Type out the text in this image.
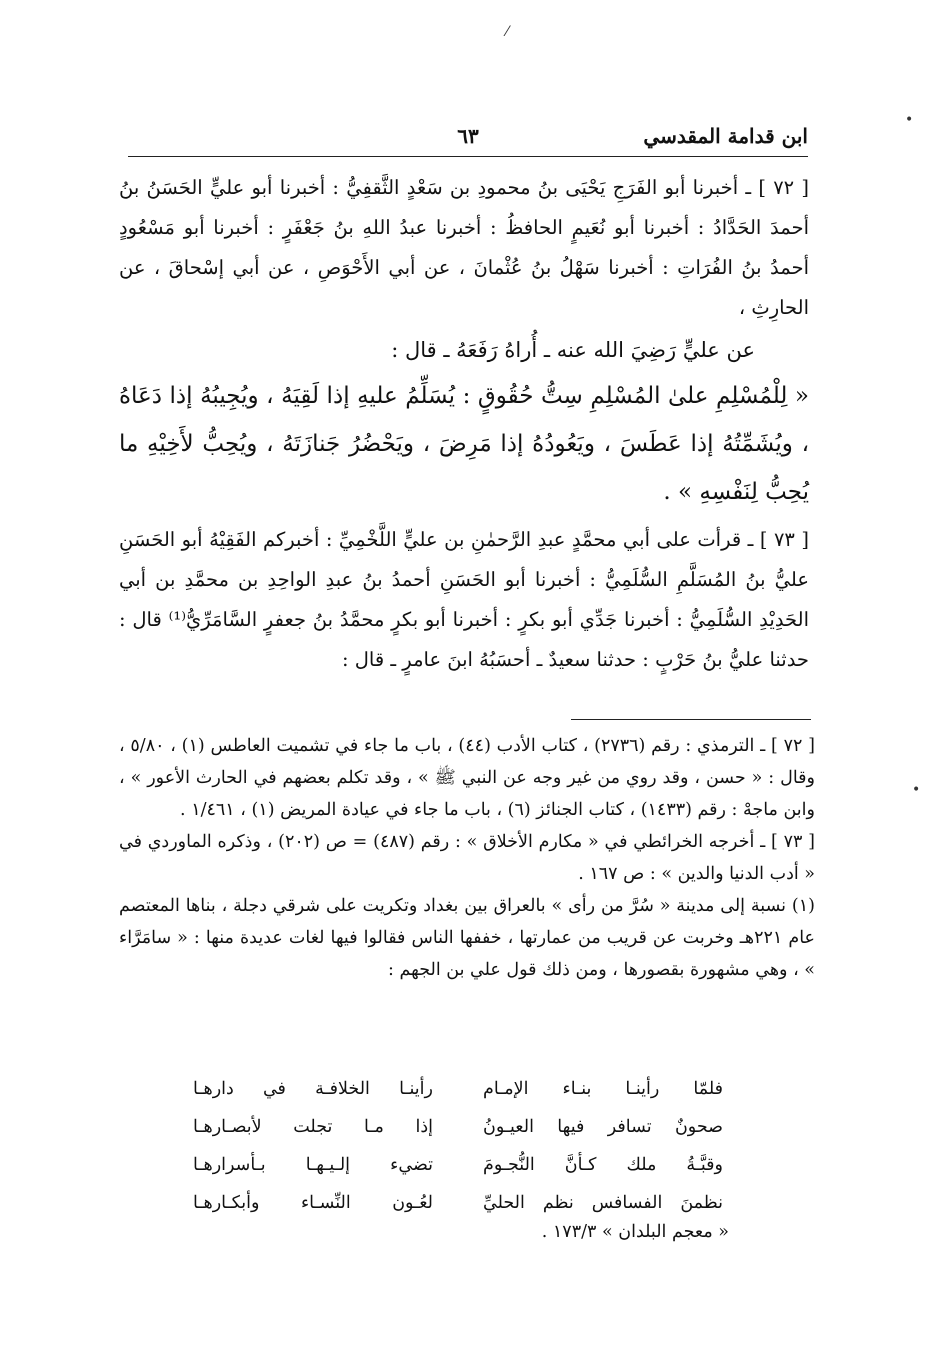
⁄
•
•
ابن قدامة المقدسي
٦٣

[ ٧٢ ] ـ أخبرنا أبو الفَرَجِ يَحْيَى بنُ محمودِ بن سَعْدٍ الثَّقفِيُّ : أخبرنا أبو عليٍّ الحَسَنُ بنُ أحمدَ الحَدَّادُ : أخبرنا أبو نُعَيمٍ الحافظُ : أخبرنا عبدُ اللهِ بنُ جَعْفَرٍ : أخبرنا أبو مَسْعُودٍ أحمدُ بنُ الفُرَاتِ : أخبرنا سَهْلُ بنُ عُثْمانَ ، عن أبي الأَحْوَصِ ، عن أبي إسْحاقَ ، عن الحارِثِ ،

عن عليٍّ رَضِيَ الله عنه ـ أُراهُ رَفَعَهُ ـ قال :

« لِلْمُسْلِمِ علىٰ المُسْلِمِ سِتُّ حُقُوقٍ : يُسَلِّمُ عليهِ إذا لَقِيَهُ ، ويُجِيبُهُ إذا دَعَاهُ ، ويُشَمِّتُهُ إذا عَطَسَ ، ويَعُودُهُ إذا مَرِضَ ، ويَحْضُرُ جَنازَتَهُ ، ويُحِبُّ لأَخِيْهِ ما يُحِبُّ لِنَفْسِهِ » .

[ ٧٣ ] ـ قرأت على أبي محمَّدٍ عبدِ الرَّحمٰنِ بن عليٍّ اللَّخْمِيِّ : أخبركم الفَقِيْهُ أبو الحَسَنِ عليُّ بنُ المُسَلَّمِ السُّلَمِيُّ : أخبرنا أبو الحَسَنِ أحمدُ بنُ عبدِ الواحِدِ بن محمَّدِ بن أبي الحَدِيْدِ السُّلَمِيُّ : أخبرنا جَدِّي أبو بكرٍ : أخبرنا أبو بكرٍ محمَّدُ بنُ جعفرٍ السَّامَرِّيُّ⁽¹⁾ قال : حدثنا عليُّ بنُ حَرْبٍ : حدثنا سعيدٌ ـ أحسَبُهُ ابنَ عامرٍ ـ قال :

[ ٧٢ ] ـ الترمذي : رقم (٢٧٣٦) ، كتاب الأدب (٤٤) ، باب ما جاء في تشميت العاطس (١) ، ٥/٨٠ ، وقال : « حسن ، وقد روي من غير وجه عن النبي ﷺ » ، وقد تكلم بعضهم في الحارث الأعور » ، وابن ماجهْ : رقم (١٤٣٣) ، كتاب الجنائز (٦) ، باب ما جاء في عيادة المريض (١) ، ١/٤٦١ .

[ ٧٣ ] ـ أخرجه الخرائطي في « مكارم الأخلاق » : رقم (٤٨٧) = ص (٢٠٢) ، وذكره الماوردي في « أدب الدنيا والدين » : ص ١٦٧ .

(١) نسبة إلى مدينة « سُرَّ من رأى » بالعراق بين بغداد وتكريت على شرقي دجلة ، بناها المعتصم عام ٢٢١هـ وخربت عن قريب من عمارتها ، خففها الناس فقالوا فيها لغات عديدة منها : « سامَرَّاء » ، وهي مشهورة بقصورها ، ومن ذلك قول علي بن الجهم :

فلمّا رأينـا بنـاء الإمـام
رأينـا الخلافـة في دارهـا
صحونٌ تسافر فيها العيـونُ
إذا مـا تجلت لأبصـارهـا
وقبَّـةُ ملك كـأنَّ النُّجـومَ
تضيء إلـيـهـا بـأسرارهـا
نظمنَ الفسافس نظم الحليِّ
لعُـون النِّسـاء وأبكـارهـا
« معجم البلدان » ١٧٣/٣ .
